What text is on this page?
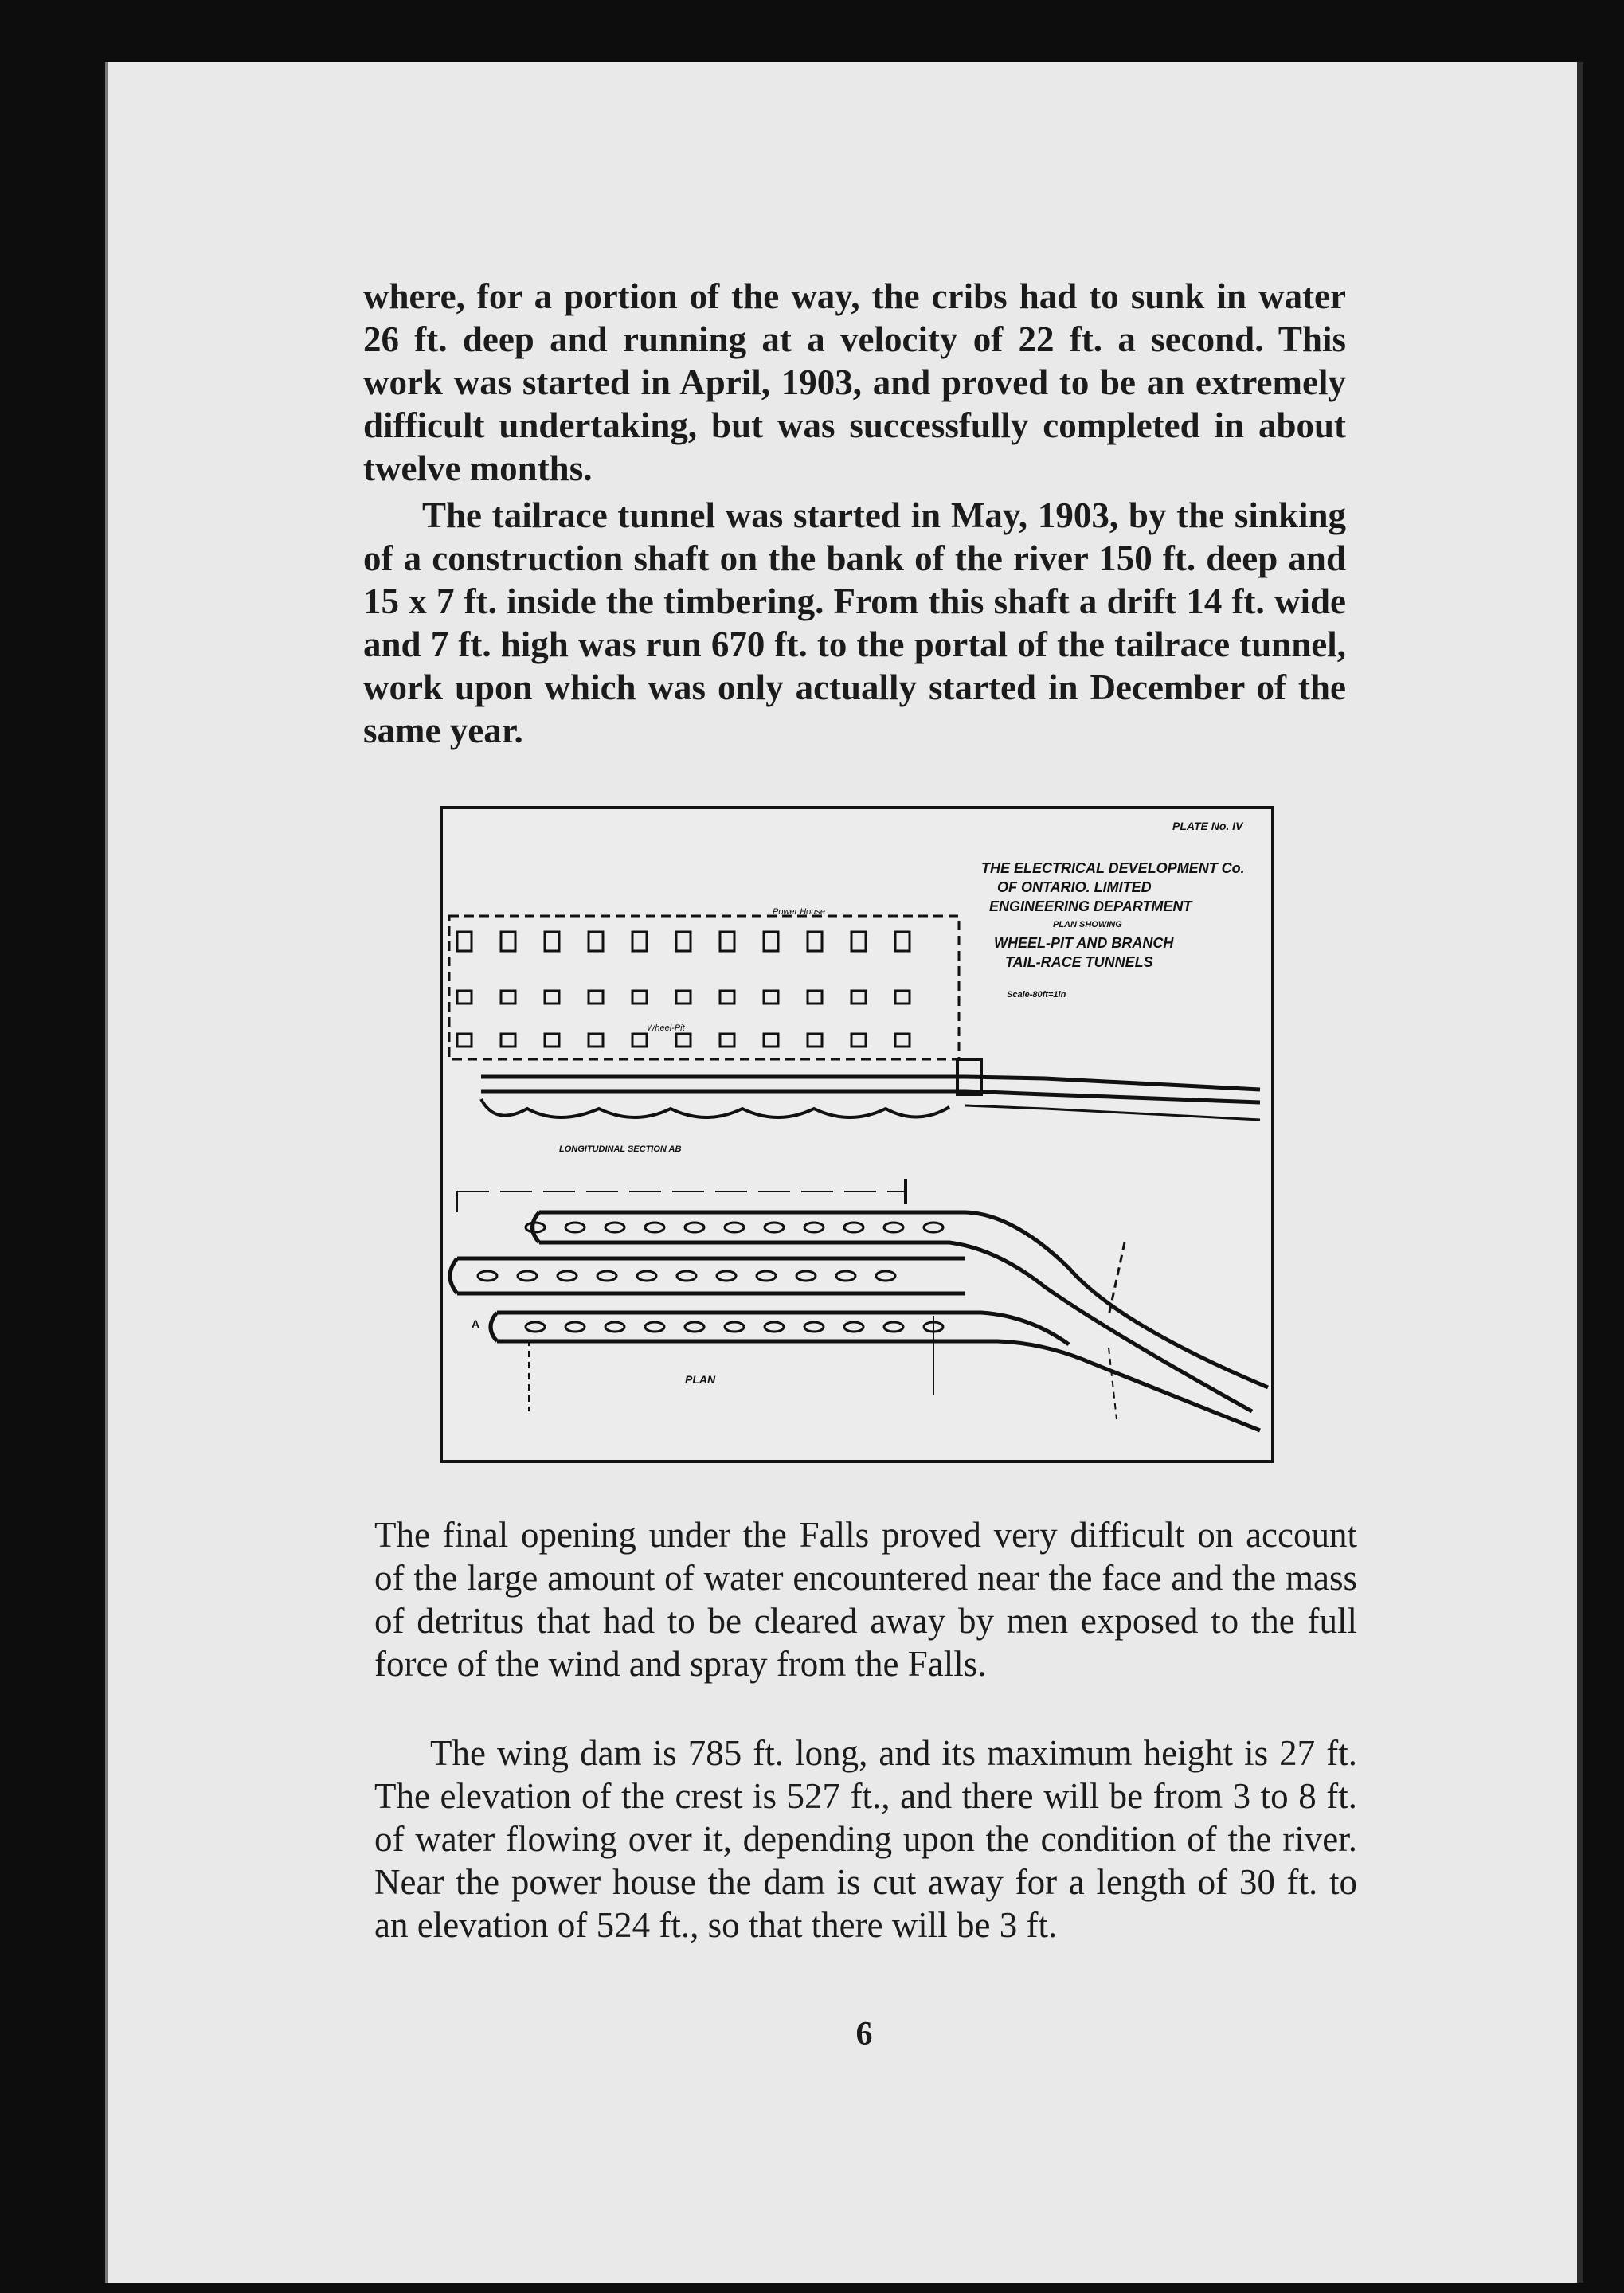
where, for a portion of the way, the cribs had to sunk in water 26 ft. deep and running at a velocity of 22 ft. a second. This work was started in April, 1903, and proved to be an extremely difficult undertaking, but was successfully completed in about twelve months.

The tailrace tunnel was started in May, 1903, by the sinking of a construction shaft on the bank of the river 150 ft. deep and 15 x 7 ft. inside the timbering. From this shaft a drift 14 ft. wide and 7 ft. high was run 670 ft. to the portal of the tailrace tunnel, work upon which was only actually started in December of the same year.

PLATE No. IV
THE ELECTRICAL DEVELOPMENT Co.
OF ONTARIO. LIMITED
ENGINEERING DEPARTMENT
PLAN SHOWING
WHEEL-PIT AND BRANCH
TAIL-RACE TUNNELS
Scale-80ft=1in
Power House
Wheel-Pit
LONGITUDINAL SECTION AB
A
PLAN

The final opening under the Falls proved very difficult on account of the large amount of water encountered near the face and the mass of detritus that had to be cleared away by men exposed to the full force of the wind and spray from the Falls.

The wing dam is 785 ft. long, and its maximum height is 27 ft. The elevation of the crest is 527 ft., and there will be from 3 to 8 ft. of water flowing over it, depending upon the condition of the river. Near the power house the dam is cut away for a length of 30 ft. to an elevation of 524 ft., so that there will be 3 ft.

6
